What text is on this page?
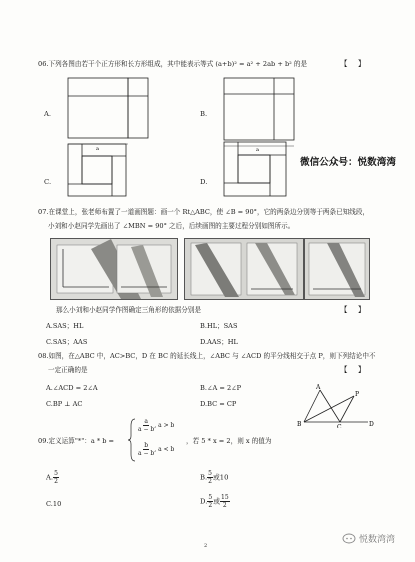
06.下列各图由若干个正方形和长方形组成，其中能表示等式 (a+b)² = a² + 2ab + b² 的是	【 】
A.
a
B.
a
微信公众号：悦数湾湾
C.	D.
07.在课堂上，张老师布置了一道画图题：画一个 Rt△ABC，使 ∠B = 90°，它的两条边分别等于两条已知线段，
小刘和小赵同学先画出了 ∠MBN = 90° 之后，后续画图的主要过程分别如图所示。
那么小刘和小赵同学作图确定三角形的依据分别是	【 】
A.SAS；HL	B.HL；SAS
C.SAS；AAS	D.AAS；HL
08.如图，在△ABC 中，AC>BC，D 在 BC 的延长线上，∠ABC 与 ∠ACD 的平分线相交于点 P，则下列结论中不
一定正确的是	【 】
A.∠ACD = 2∠A	B.∠A = 2∠P
C.BP ⊥ AC	D.BC = CP
A
B	C	D
P
09.定义运算"*"：a * b =
$\frac{a}{a - b}$ , a > b
$\frac{b}{a - b}$ , a < b
，若 5 * x = 2，则 x 的值为
A. $\frac{5}{2}$	B. $\frac{5}{2}$ 或10
C.10	D. $\frac{5}{2}$ 或 $\frac{15}{2}$
2
悦数湾湾
